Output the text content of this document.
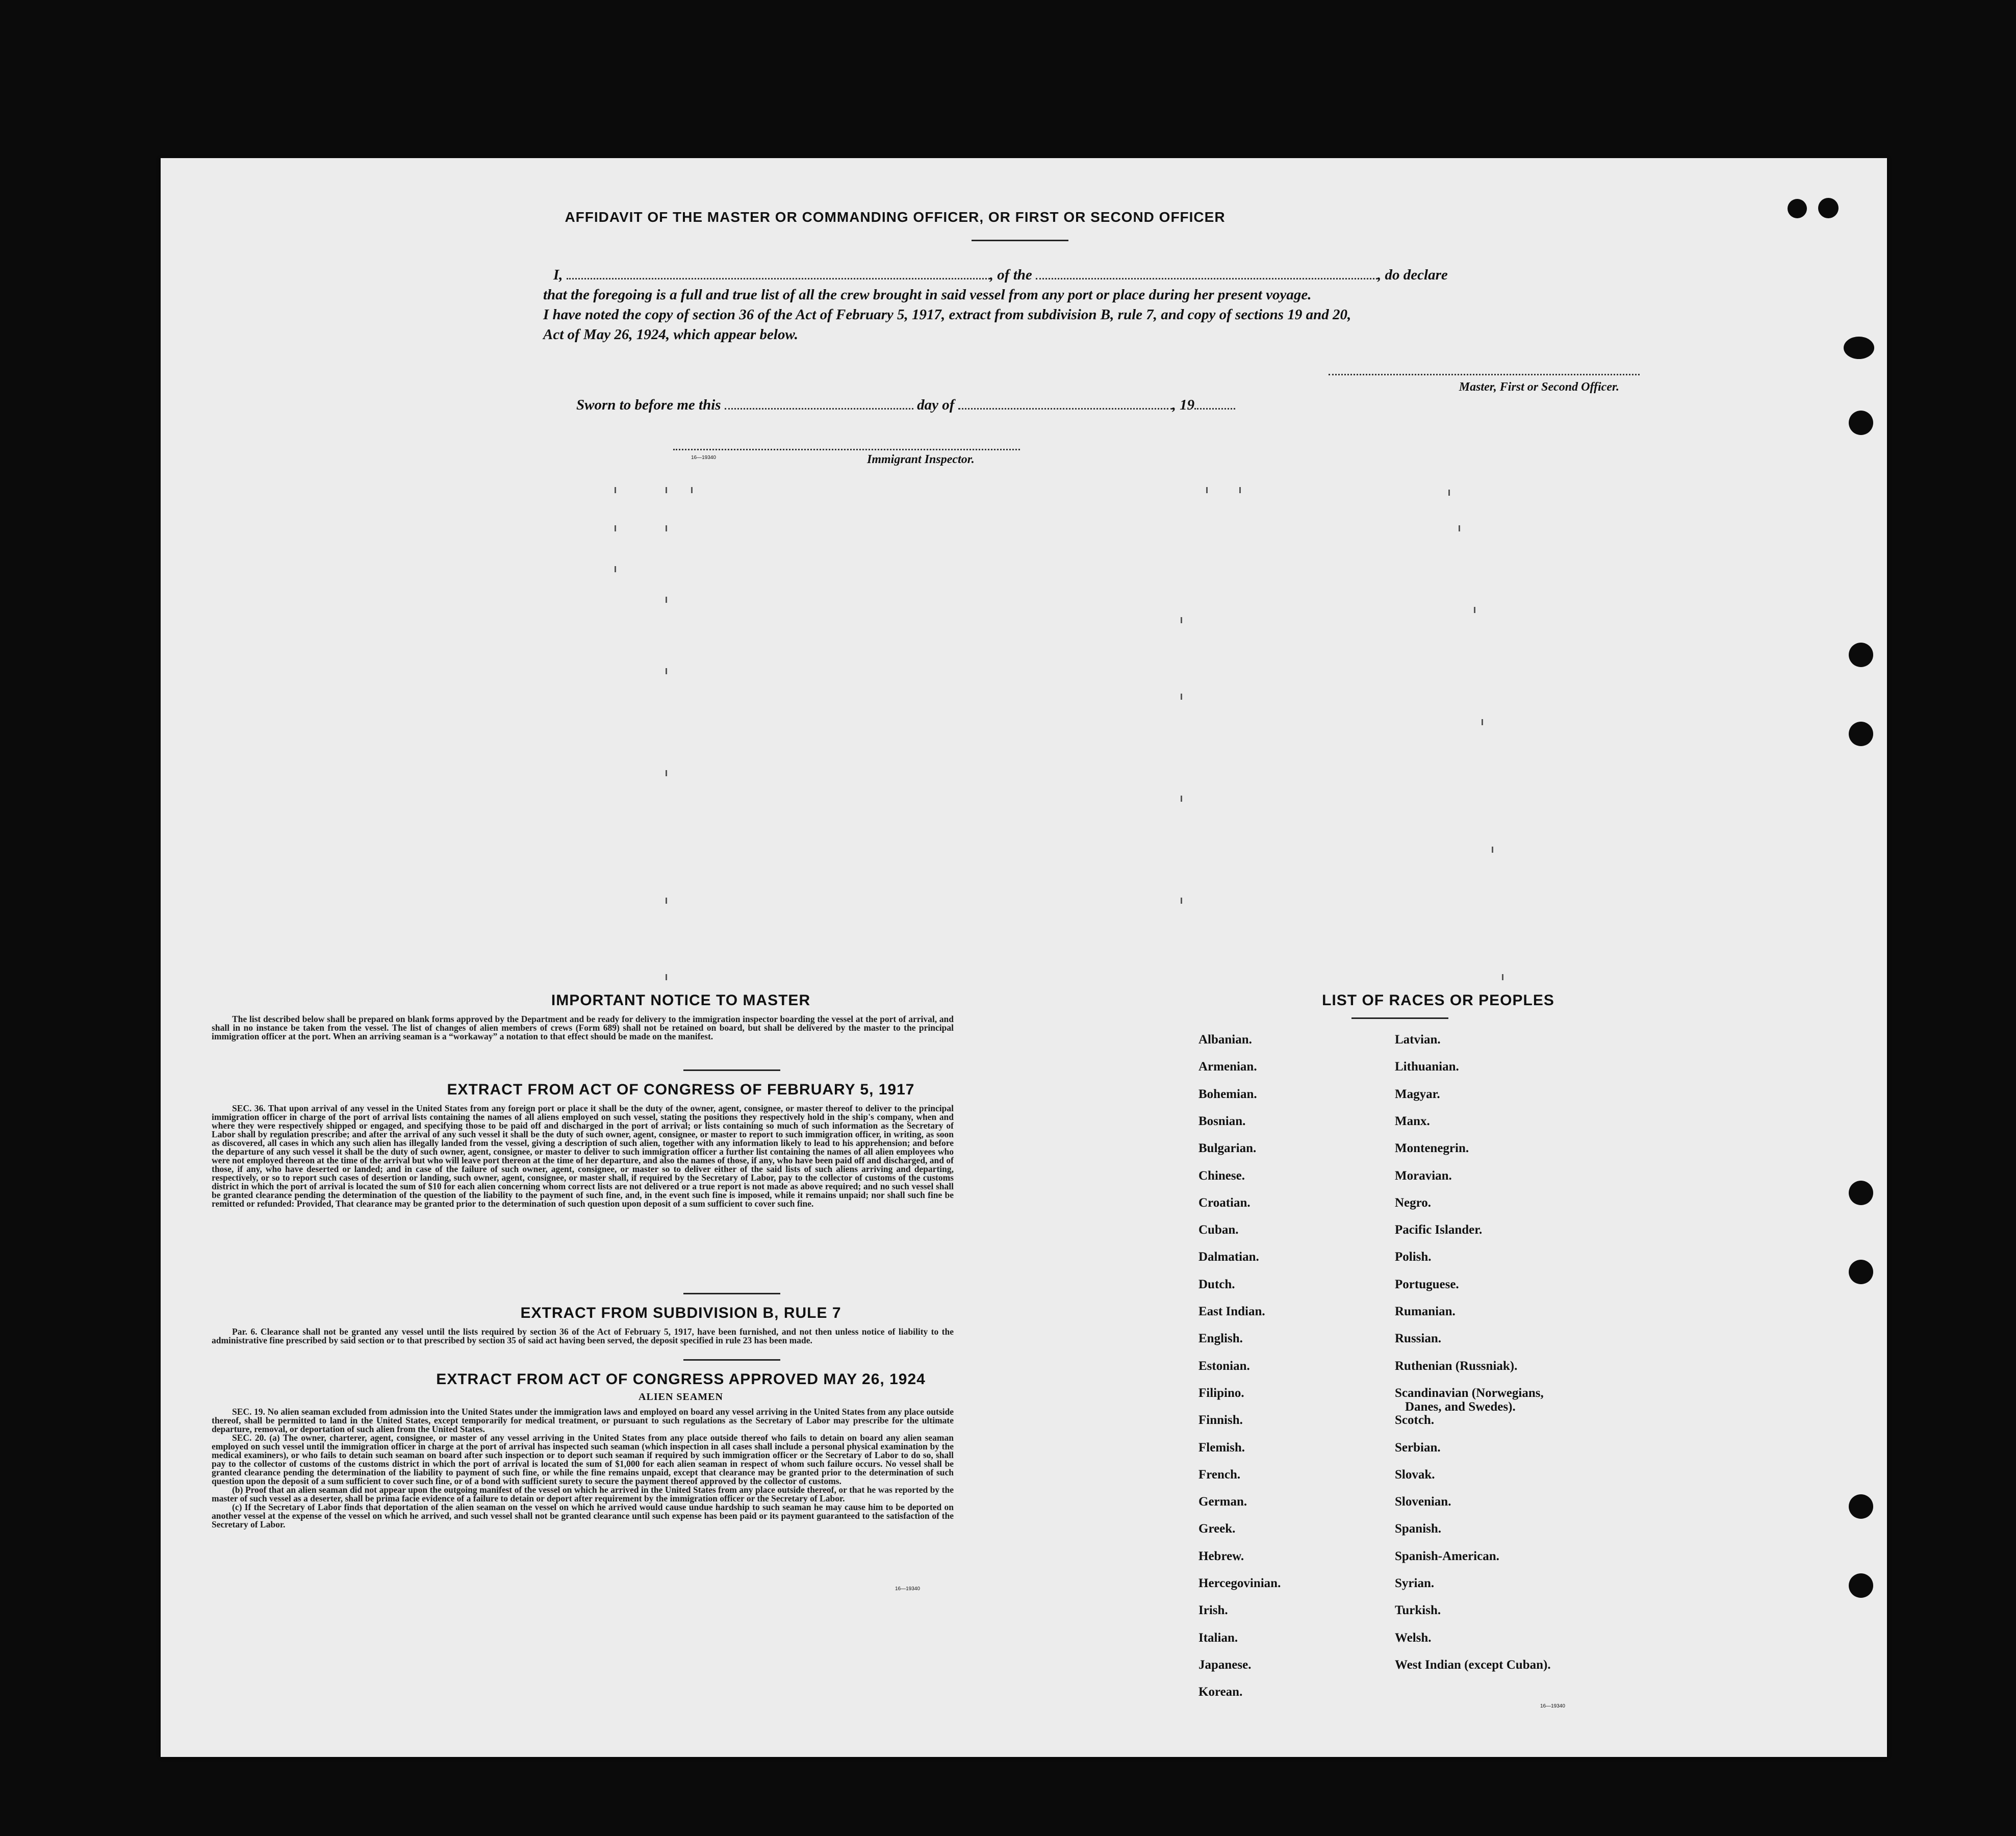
AFFIDAVIT OF THE MASTER OR COMMANDING OFFICER, OR FIRST OR SECOND OFFICER
I,	, of the	, do declare
that the foregoing is a full and true list of all the crew brought in said vessel from any port or place during her present voyage.
I have noted the copy of section 36 of the Act of February 5, 1917, extract from subdivision B, rule 7, and copy of sections 19 and 20,
Act of May 26, 1924, which appear below.
Master, First or Second Officer.
Sworn to before me this	day of	, 19
16—19340	Immigrant Inspector.
IMPORTANT NOTICE TO MASTER
The list described below shall be prepared on blank forms approved by the Department and be ready for delivery to the immigration inspector boarding the vessel at the port of arrival, and shall in no instance be taken from the vessel. The list of changes of alien members of crews (Form 689) shall not be retained on board, but shall be delivered by the master to the principal immigration officer at the port. When an arriving seaman is a “workaway” a notation to that effect should be made on the manifest.
EXTRACT FROM ACT OF CONGRESS OF FEBRUARY 5, 1917
SEC. 36. That upon arrival of any vessel in the United States from any foreign port or place it shall be the duty of the owner, agent, consignee, or master thereof to deliver to the principal immigration officer in charge of the port of arrival lists containing the names of all aliens employed on such vessel, stating the positions they respectively hold in the ship's company, when and where they were respectively shipped or engaged, and specifying those to be paid off and discharged in the port of arrival; or lists containing so much of such information as the Secretary of Labor shall by regulation prescribe; and after the arrival of any such vessel it shall be the duty of such owner, agent, consignee, or master to report to such immigration officer, in writing, as soon as discovered, all cases in which any such alien has illegally landed from the vessel, giving a description of such alien, together with any information likely to lead to his apprehension; and before the departure of any such vessel it shall be the duty of such owner, agent, consignee, or master to deliver to such immigration officer a further list containing the names of all alien employees who were not employed thereon at the time of the arrival but who will leave port thereon at the time of her departure, and also the names of those, if any, who have been paid off and discharged, and of those, if any, who have deserted or landed; and in case of the failure of such owner, agent, consignee, or master so to deliver either of the said lists of such aliens arriving and departing, respectively, or so to report such cases of desertion or landing, such owner, agent, consignee, or master shall, if required by the Secretary of Labor, pay to the collector of customs of the customs district in which the port of arrival is located the sum of $10 for each alien concerning whom correct lists are not delivered or a true report is not made as above required; and no such vessel shall be granted clearance pending the determination of the question of the liability to the payment of such fine, and, in the event such fine is imposed, while it remains unpaid; nor shall such fine be remitted or refunded: Provided, That clearance may be granted prior to the determination of such question upon deposit of a sum sufficient to cover such fine.
EXTRACT FROM SUBDIVISION B, RULE 7
Par. 6. Clearance shall not be granted any vessel until the lists required by section 36 of the Act of February 5, 1917, have been furnished, and not then unless notice of liability to the administrative fine prescribed by said section or to that prescribed by section 35 of said act having been served, the deposit specified in rule 23 has been made.
EXTRACT FROM ACT OF CONGRESS APPROVED MAY 26, 1924
ALIEN SEAMEN
SEC. 19. No alien seaman excluded from admission into the United States under the immigration laws and employed on board any vessel arriving in the United States from any place outside thereof, shall be permitted to land in the United States, except temporarily for medical treatment, or pursuant to such regulations as the Secretary of Labor may prescribe for the ultimate departure, removal, or deportation of such alien from the United States.
SEC. 20. (a) The owner, charterer, agent, consignee, or master of any vessel arriving in the United States from any place outside thereof who fails to detain on board any alien seaman employed on such vessel until the immigration officer in charge at the port of arrival has inspected such seaman (which inspection in all cases shall include a personal physical examination by the medical examiners), or who fails to detain such seaman on board after such inspection or to deport such seaman if required by such immigration officer or the Secretary of Labor to do so, shall pay to the collector of customs of the customs district in which the port of arrival is located the sum of $1,000 for each alien seaman in respect of whom such failure occurs. No vessel shall be granted clearance pending the determination of the liability to payment of such fine, or while the fine remains unpaid, except that clearance may be granted prior to the determination of such question upon the deposit of a sum sufficient to cover such fine, or of a bond with sufficient surety to secure the payment thereof approved by the collector of customs.
(b) Proof that an alien seaman did not appear upon the outgoing manifest of the vessel on which he arrived in the United States from any place outside thereof, or that he was reported by the master of such vessel as a deserter, shall be prima facie evidence of a failure to detain or deport after requirement by the immigration officer or the Secretary of Labor.
(c) If the Secretary of Labor finds that deportation of the alien seaman on the vessel on which he arrived would cause undue hardship to such seaman he may cause him to be deported on another vessel at the expense of the vessel on which he arrived, and such vessel shall not be granted clearance until such expense has been paid or its payment guaranteed to the satisfaction of the Secretary of Labor.
16—19340
LIST OF RACES OR PEOPLES
16—19340
Albanian.
Armenian.
Bohemian.
Bosnian.
Bulgarian.
Chinese.
Croatian.
Cuban.
Dalmatian.
Dutch.
East Indian.
English.
Estonian.
Filipino.
Finnish.
Flemish.
French.
German.
Greek.
Hebrew.
Hercegovinian.
Irish.
Italian.
Japanese.
Korean.
Latvian.
Lithuanian.
Magyar.
Manx.
Montenegrin.
Moravian.
Negro.
Pacific Islander.
Polish.
Portuguese.
Rumanian.
Russian.
Ruthenian (Russniak).
Scandinavian (Norwegians,
Danes, and Swedes).
Scotch.
Serbian.
Slovak.
Slovenian.
Spanish.
Spanish-American.
Syrian.
Turkish.
Welsh.
West Indian (except Cuban).
